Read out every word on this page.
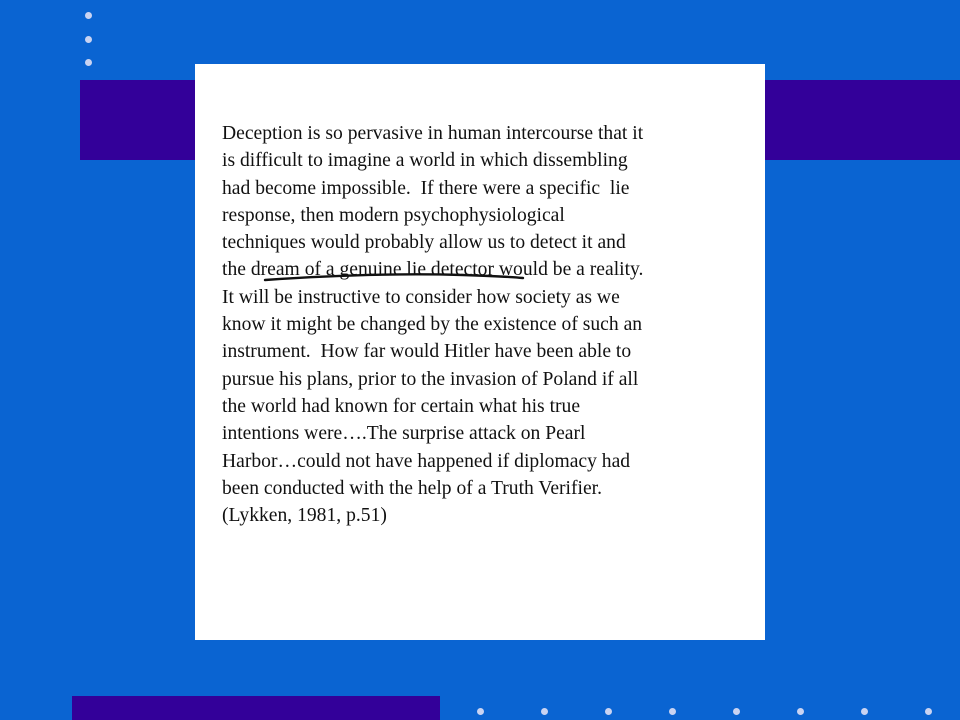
Deception is so pervasive in human intercourse that it
is difficult to imagine a world in which dissembling
had become impossible.  If there were a specific  lie
response, then modern psychophysiological
techniques would probably allow us to detect it and
the dream of a genuine lie detector would be a reality.
It will be instructive to consider how society as we
know it might be changed by the existence of such an
instrument.  How far would Hitler have been able to
pursue his plans, prior to the invasion of Poland if all
the world had known for certain what his true
intentions were….The surprise attack on Pearl
Harbor…could not have happened if diplomacy had
been conducted with the help of a Truth Verifier.
(Lykken, 1981, p.51)
